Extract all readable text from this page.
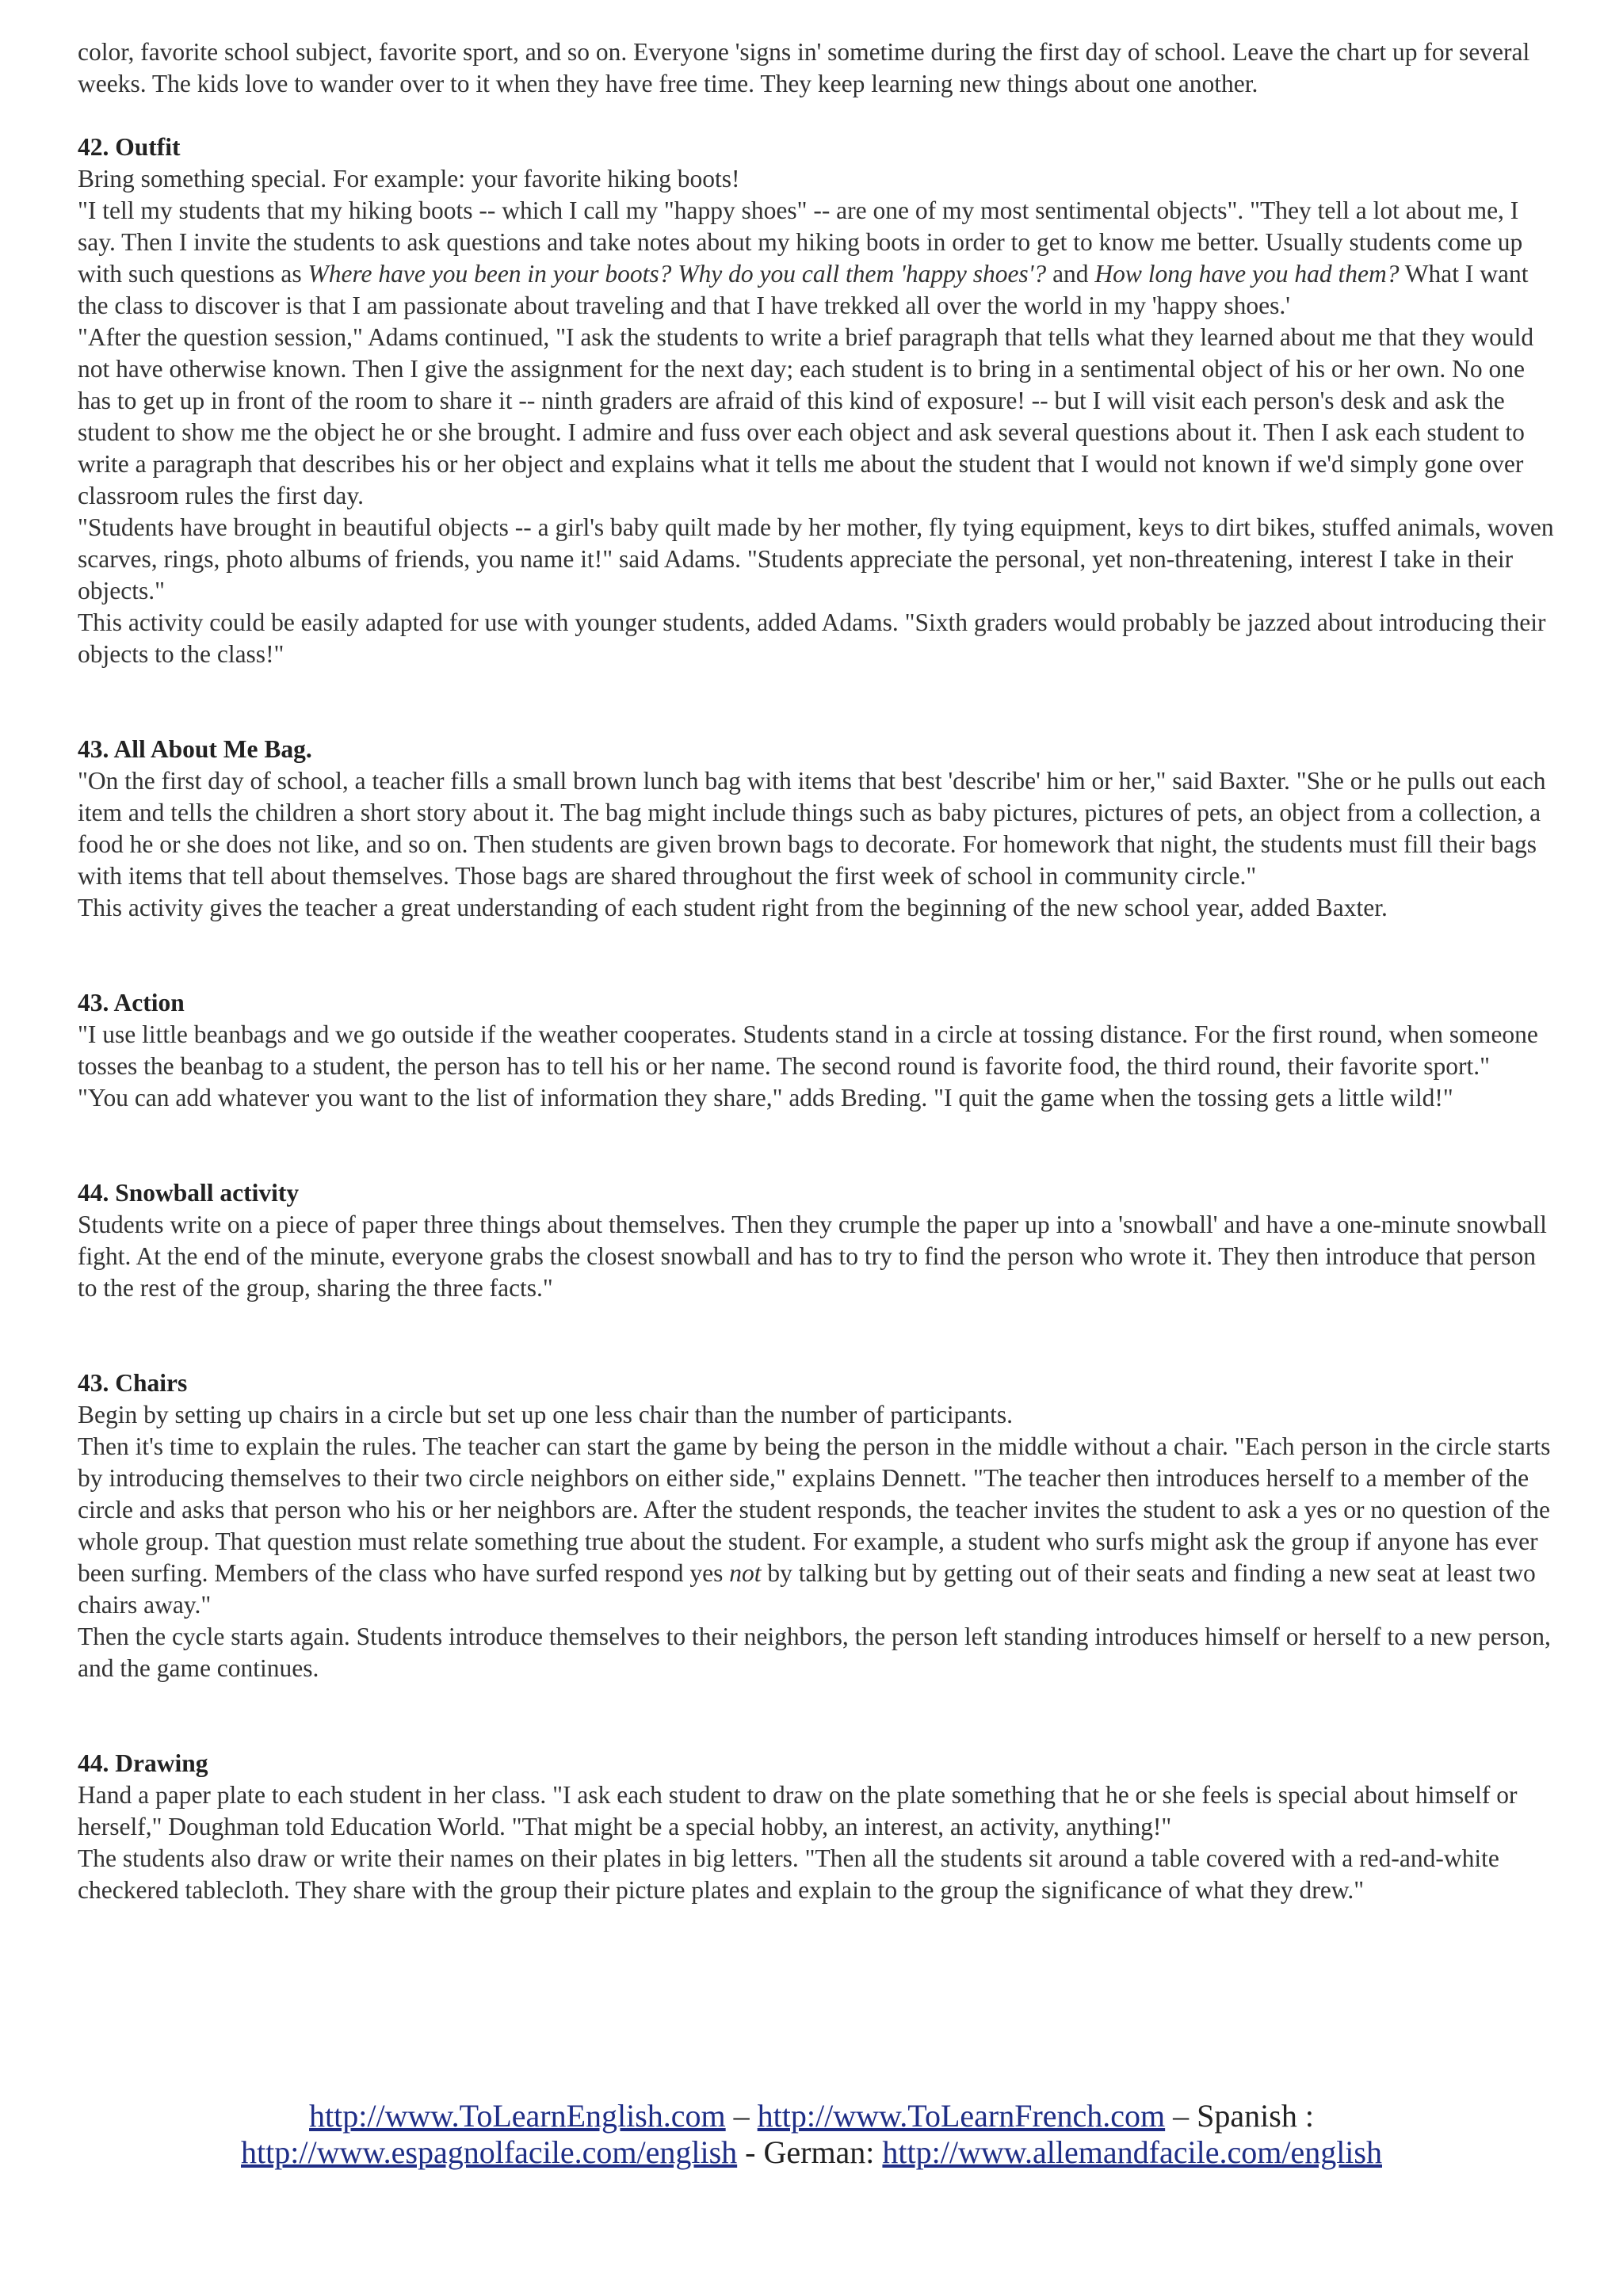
color, favorite school subject, favorite sport, and so on. Everyone 'signs in' sometime during the first day of school. Leave the chart up for several weeks. The kids love to wander over to it when they have free time. They keep learning new things about one another.

42. Outfit

Bring something special. For example: your favorite hiking boots!

"I tell my students that my hiking boots -- which I call my "happy shoes" -- are one of my most sentimental objects". "They tell a lot about me, I say. Then I invite the students to ask questions and take notes about my hiking boots in order to get to know me better. Usually students come up with such questions as Where have you been in your boots? Why do you call them 'happy shoes'? and How long have you had them? What I want the class to discover is that I am passionate about traveling and that I have trekked all over the world in my 'happy shoes.'

"After the question session," Adams continued, "I ask the students to write a brief paragraph that tells what they learned about me that they would not have otherwise known. Then I give the assignment for the next day; each student is to bring in a sentimental object of his or her own. No one has to get up in front of the room to share it -- ninth graders are afraid of this kind of exposure! -- but I will visit each person's desk and ask the student to show me the object he or she brought. I admire and fuss over each object and ask several questions about it. Then I ask each student to write a paragraph that describes his or her object and explains what it tells me about the student that I would not known if we'd simply gone over classroom rules the first day.

"Students have brought in beautiful objects -- a girl's baby quilt made by her mother, fly tying equipment, keys to dirt bikes, stuffed animals, woven scarves, rings, photo albums of friends, you name it!" said Adams. "Students appreciate the personal, yet non-threatening, interest I take in their objects."

This activity could be easily adapted for use with younger students, added Adams. "Sixth graders would probably be jazzed about introducing their objects to the class!"

43. All About Me Bag.

"On the first day of school, a teacher fills a small brown lunch bag with items that best 'describe' him or her," said Baxter. "She or he pulls out each item and tells the children a short story about it. The bag might include things such as baby pictures, pictures of pets, an object from a collection, a food he or she does not like, and so on. Then students are given brown bags to decorate. For homework that night, the students must fill their bags with items that tell about themselves. Those bags are shared throughout the first week of school in community circle."

This activity gives the teacher a great understanding of each student right from the beginning of the new school year, added Baxter.

43. Action

"I use little beanbags and we go outside if the weather cooperates. Students stand in a circle at tossing distance. For the first round, when someone tosses the beanbag to a student, the person has to tell his or her name. The second round is favorite food, the third round, their favorite sport."

"You can add whatever you want to the list of information they share," adds Breding. "I quit the game when the tossing gets a little wild!"

44. Snowball activity

Students write on a piece of paper three things about themselves. Then they crumple the paper up into a 'snowball' and have a one-minute snowball fight. At the end of the minute, everyone grabs the closest snowball and has to try to find the person who wrote it. They then introduce that person to the rest of the group, sharing the three facts."

43. Chairs

Begin by setting up chairs in a circle but set up one less chair than the number of participants.

Then it's time to explain the rules. The teacher can start the game by being the person in the middle without a chair. "Each person in the circle starts by introducing themselves to their two circle neighbors on either side," explains Dennett. "The teacher then introduces herself to a member of the circle and asks that person who his or her neighbors are. After the student responds, the teacher invites the student to ask a yes or no question of the whole group. That question must relate something true about the student. For example, a student who surfs might ask the group if anyone has ever been surfing. Members of the class who have surfed respond yes not by talking but by getting out of their seats and finding a new seat at least two chairs away."

Then the cycle starts again. Students introduce themselves to their neighbors, the person left standing introduces himself or herself to a new person, and the game continues.

44. Drawing

Hand a paper plate to each student in her class. "I ask each student to draw on the plate something that he or she feels is special about himself or herself," Doughman told Education World. "That might be a special hobby, an interest, an activity, anything!"

The students also draw or write their names on their plates in big letters. "Then all the students sit around a table covered with a red-and-white checkered tablecloth. They share with the group their picture plates and explain to the group the significance of what they drew."

http://www.ToLearnEnglish.com – http://www.ToLearnFrench.com – Spanish :
http://www.espagnolfacile.com/english - German: http://www.allemandfacile.com/english
